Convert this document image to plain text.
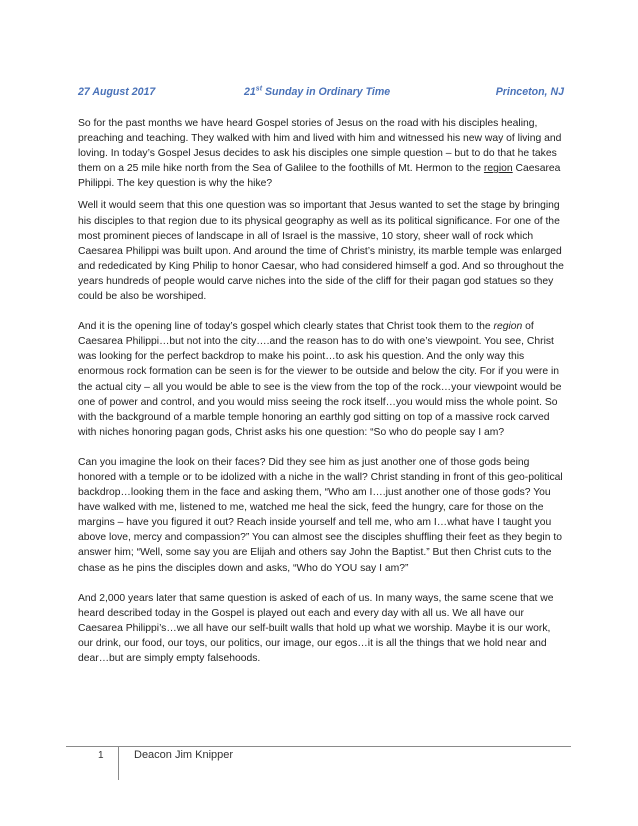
27 August 2017	21st Sunday in Ordinary Time	Princeton, NJ

So for the past months we have heard Gospel stories of Jesus on the road with his disciples healing, preaching and teaching. They walked with him and lived with him and witnessed his new way of living and loving. In today’s Gospel Jesus decides to ask his disciples one simple question – but to do that he takes them on a 25 mile hike north from the Sea of Galilee to the foothills of Mt. Hermon to the region Caesarea Philippi. The key question is why the hike?

Well it would seem that this one question was so important that Jesus wanted to set the stage by bringing his disciples to that region due to its physical geography as well as its political significance. For one of the most prominent pieces of landscape in all of Israel is the massive, 10 story, sheer wall of rock which Caesarea Philippi was built upon. And around the time of Christ’s ministry, its marble temple was enlarged and rededicated by King Philip to honor Caesar, who had considered himself a god. And so throughout the years hundreds of people would carve niches into the side of the cliff for their pagan god statues so they could be also be worshiped.

And it is the opening line of today’s gospel which clearly states that Christ took them to the region of Caesarea Philippi…but not into the city….and the reason has to do with one’s viewpoint. You see, Christ was looking for the perfect backdrop to make his point…to ask his question. And the only way this enormous rock formation can be seen is for the viewer to be outside and below the city. For if you were in the actual city – all you would be able to see is the view from the top of the rock…your viewpoint would be one of power and control, and you would miss seeing the rock itself…you would miss the whole point. So with the background of a marble temple honoring an earthly god sitting on top of a massive rock carved with niches honoring pagan gods, Christ asks his one question: “So who do people say I am?

Can you imagine the look on their faces? Did they see him as just another one of those gods being honored with a temple or to be idolized with a niche in the wall? Christ standing in front of this geo-political backdrop…looking them in the face and asking them, “Who am I….just another one of those gods? You have walked with me, listened to me, watched me heal the sick, feed the hungry, care for those on the margins – have you figured it out? Reach inside yourself and tell me, who am I…what have I taught you above love, mercy and compassion?” You can almost see the disciples shuffling their feet as they begin to answer him; “Well, some say you are Elijah and others say John the Baptist.” But then Christ cuts to the chase as he pins the disciples down and asks, “Who do YOU say I am?”

And 2,000 years later that same question is asked of each of us. In many ways, the same scene that we heard described today in the Gospel is played out each and every day with all us. We all have our Caesarea Philippi’s…we all have our self-built walls that hold up what we worship. Maybe it is our work, our drink, our food, our toys, our politics, our image, our egos…it is all the things that we hold near and dear…but are simply empty falsehoods.

1	Deacon Jim Knipper
